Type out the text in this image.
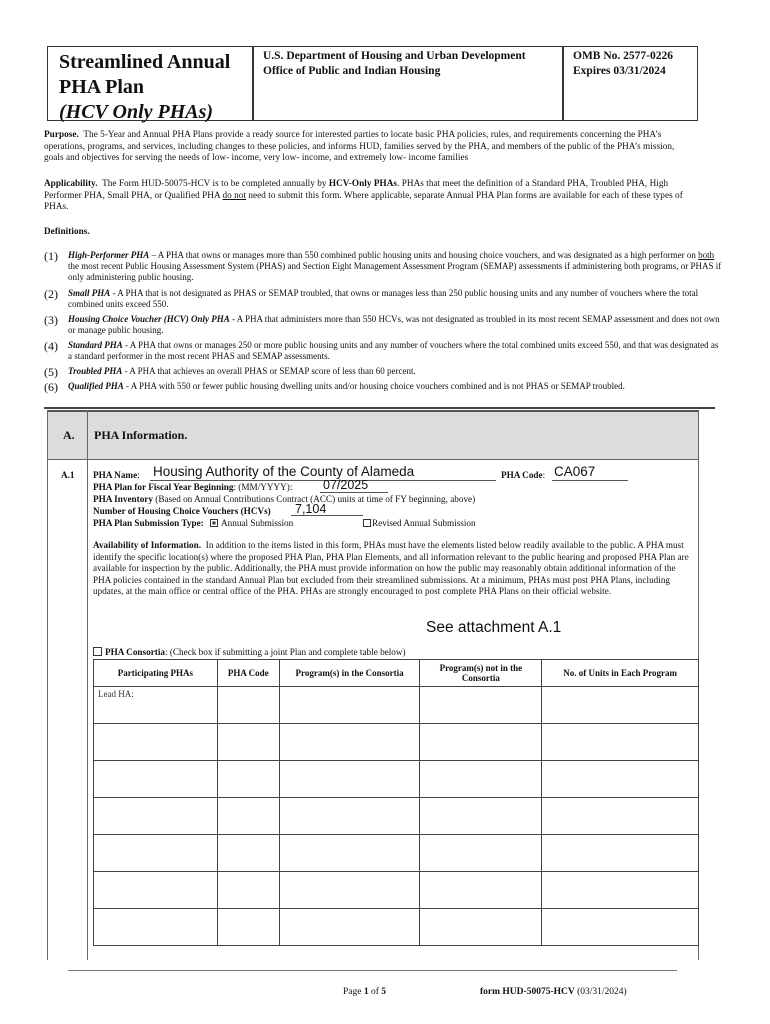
Streamlined Annual
PHA Plan
(HCV Only PHAs)
U.S. Department of Housing and Urban Development
Office of Public and Indian Housing
OMB No. 2577-0226
Expires 03/31/2024
Purpose. The 5-Year and Annual PHA Plans provide a ready source for interested parties to locate basic PHA policies, rules, and requirements concerning the PHA’s operations, programs, and services, including changes to these policies, and informs HUD, families served by the PHA, and members of the public of the PHA’s mission, goals and objectives for serving the needs of low- income, very low- income, and extremely low- income families
Applicability. The Form HUD-50075-HCV is to be completed annually by HCV-Only PHAs. PHAs that meet the definition of a Standard PHA, Troubled PHA, High Performer PHA, Small PHA, or Qualified PHA do not need to submit this form. Where applicable, separate Annual PHA Plan forms are available for each of these types of PHAs.
Definitions.
(1) High-Performer PHA – A PHA that owns or manages more than 550 combined public housing units and housing choice vouchers, and was designated as a high performer on both the most recent Public Housing Assessment System (PHAS) and Section Eight Management Assessment Program (SEMAP) assessments if administering both programs, or PHAS if only administering public housing.
(2) Small PHA - A PHA that is not designated as PHAS or SEMAP troubled, that owns or manages less than 250 public housing units and any number of vouchers where the total combined units exceed 550.
(3) Housing Choice Voucher (HCV) Only PHA - A PHA that administers more than 550 HCVs, was not designated as troubled in its most recent SEMAP assessment and does not own or manage public housing.
(4) Standard PHA - A PHA that owns or manages 250 or more public housing units and any number of vouchers where the total combined units exceed 550, and that was designated as a standard performer in the most recent PHAS and SEMAP assessments.
(5) Troubled PHA - A PHA that achieves an overall PHAS or SEMAP score of less than 60 percent.
(6) Qualified PHA - A PHA with 550 or fewer public housing dwelling units and/or housing choice vouchers combined and is not PHAS or SEMAP troubled.
A. PHA Information.
A.1 PHA Name: Housing Authority of the County of Alameda	PHA Code: CA067
PHA Plan for Fiscal Year Beginning: (MM/YYYY): 07/2025
PHA Inventory (Based on Annual Contributions Contract (ACC) units at time of FY beginning, above)
Number of Housing Choice Vouchers (HCVs) 7,104
PHA Plan Submission Type: Annual Submission	Revised Annual Submission
Availability of Information. In addition to the items listed in this form, PHAs must have the elements listed below readily available to the public. A PHA must identify the specific location(s) where the proposed PHA Plan, PHA Plan Elements, and all information relevant to the public hearing and proposed PHA Plan are available for inspection by the public. Additionally, the PHA must provide information on how the public may reasonably obtain additional information of the PHA policies contained in the standard Annual Plan but excluded from their streamlined submissions. At a minimum, PHAs must post PHA Plans, including updates, at the main office or central office of the PHA. PHAs are strongly encouraged to post complete PHA Plans on their official website.
See attachment A.1
PHA Consortia: (Check box if submitting a joint Plan and complete table below)
Participating PHAs	PHA Code	Program(s) in the Consortia	Program(s) not in the Consortia	No. of Units in Each Program
Lead HA:				

Page 1 of 5	form HUD-50075-HCV (03/31/2024)
